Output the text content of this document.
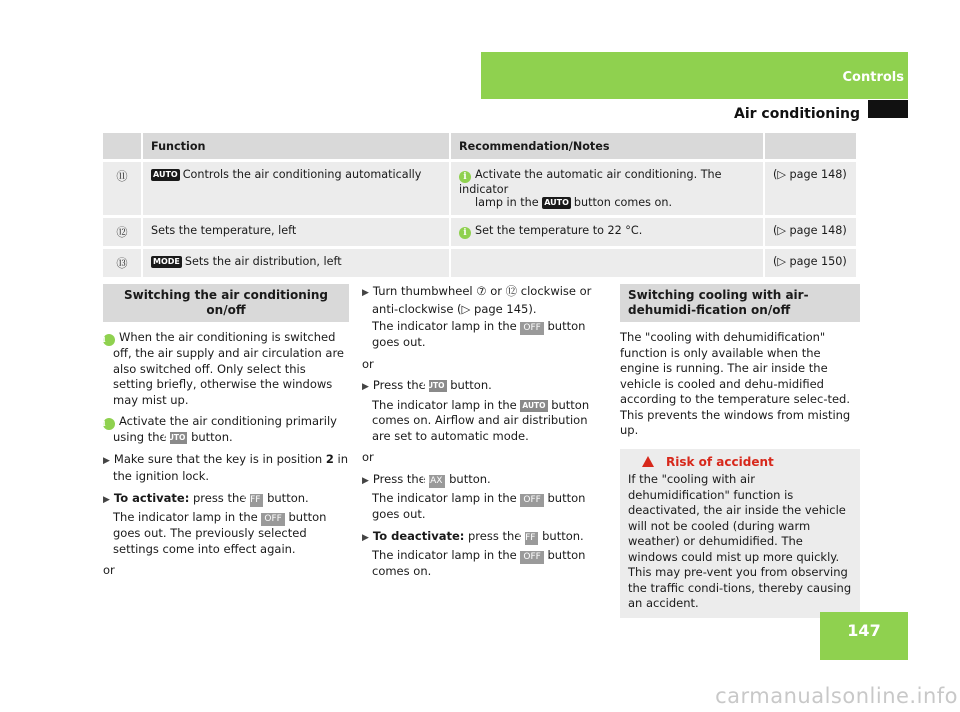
Controls
Air conditioning
	Function	Recommendation/Notes	
⑪	AUTO Controls the air conditioning automatically	i Activate the automatic air conditioning. The indicator
lamp in the AUTO button comes on.	(▷ page 148)
⑫	Sets the temperature, left	i Set the temperature to 22 °C.	(▷ page 148)
⑬	MODE Sets the air distribution, left		(▷ page 150)
Switching the air conditioning on/off

i When the air conditioning is switched off, the air supply and air circulation are also switched off. Only select this setting briefly, otherwise the windows may mist up.

i Activate the air conditioning primarily using the AUTO button.

▶ Make sure that the key is in position 2 in the ignition lock.

▶ To activate: press the OFF button.

The indicator lamp in the OFF button goes out. The previously selected settings come into effect again.

or

▶ Turn thumbwheel ⑦ or ⑫ clockwise or anti-clockwise (▷ page 145).

The indicator lamp in the OFF button goes out.

or

▶ Press the AUTO button.

The indicator lamp in the AUTO button comes on. Airflow and air distribution are set to automatic mode.

or

▶ Press the MAX button.

The indicator lamp in the OFF button goes out.

▶ To deactivate: press the OFF button.

The indicator lamp in the OFF button comes on.

Switching cooling with air-dehumidi-fication on/off

The "cooling with dehumidification" function is only available when the engine is running. The air inside the vehicle is cooled and dehu-midified according to the temperature selec-ted. This prevents the windows from misting up.

Risk of accident
If the "cooling with air dehumidification" function is deactivated, the air inside the vehicle will not be cooled (during warm weather) or dehumidified. The windows could mist up more quickly. This may pre-vent you from observing the traffic condi-tions, thereby causing an accident.
147
carmanualsonline.info
